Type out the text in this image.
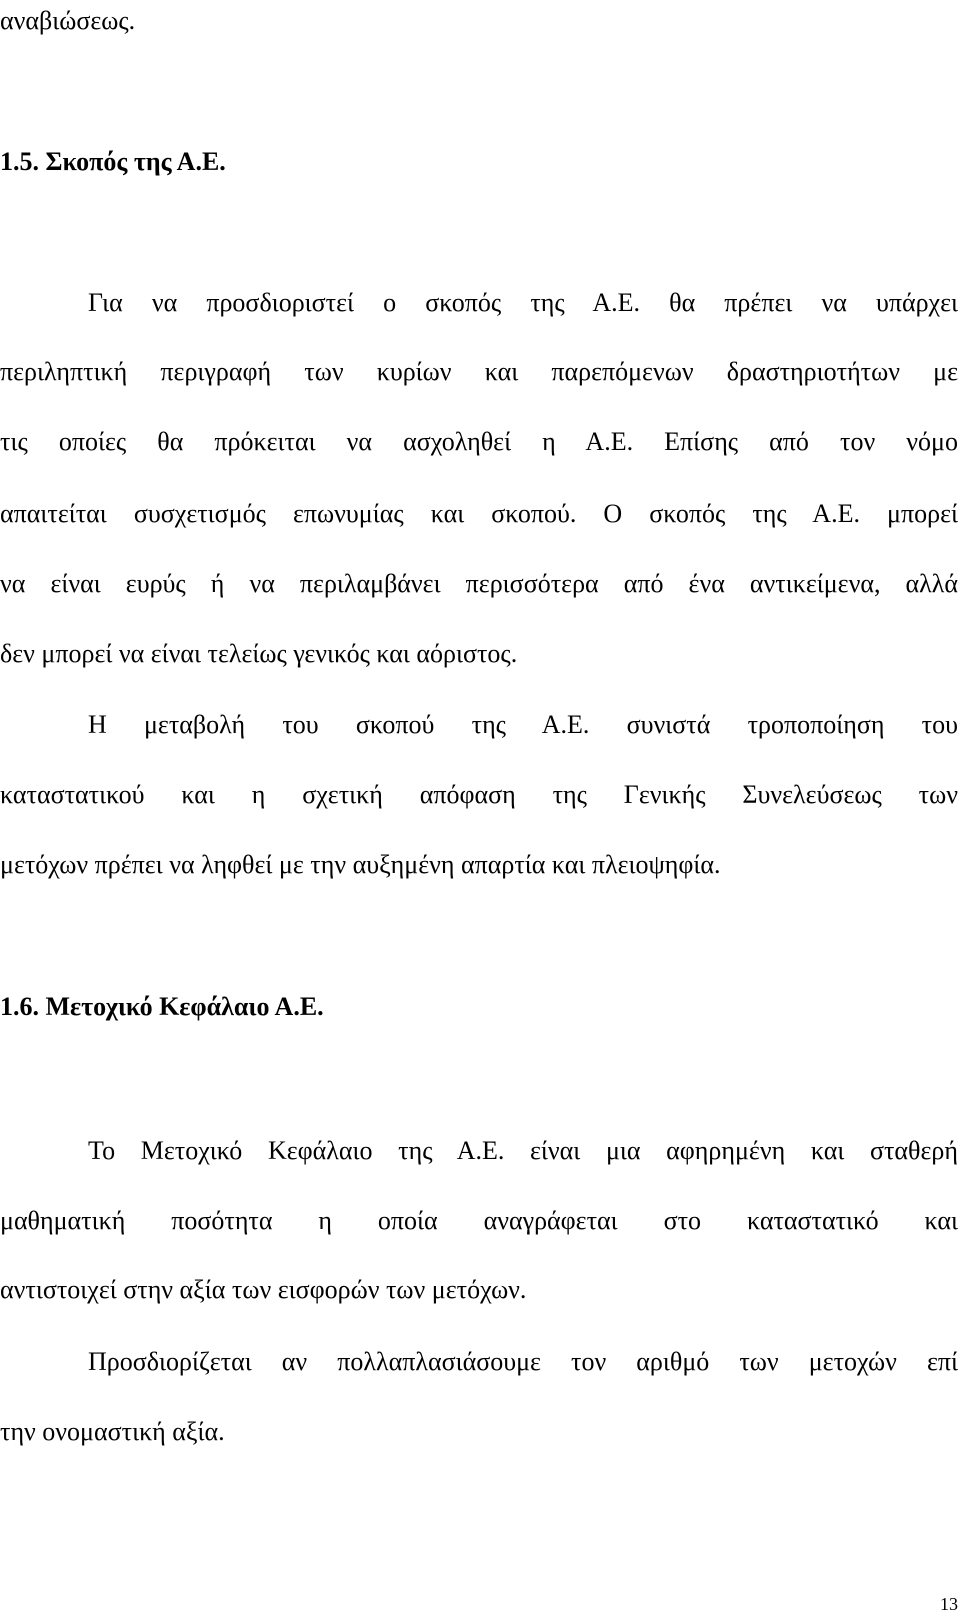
αναβιώσεως.

1.5. Σκοπός της Α.Ε.

Για να προσδιοριστεί ο σκοπός της Α.Ε. θα πρέπει να υπάρχει

περιληπτική περιγραφή των κυρίων και παρεπόμενων δραστηριοτήτων με

τις οποίες θα πρόκειται να ασχοληθεί η Α.Ε. Επίσης από τον νόμο

απαιτείται συσχετισμός επωνυμίας και σκοπού. Ο σκοπός της Α.Ε. μπορεί

να είναι ευρύς ή να περιλαμβάνει περισσότερα από ένα αντικείμενα, αλλά

δεν μπορεί να είναι τελείως γενικός και αόριστος.

Η μεταβολή του σκοπού της Α.Ε. συνιστά τροποποίηση του

καταστατικού και η σχετική απόφαση της Γενικής Συνελεύσεως των

μετόχων πρέπει να ληφθεί με την αυξημένη απαρτία και πλειοψηφία.

1.6. Μετοχικό Κεφάλαιο Α.Ε.

Το Μετοχικό Κεφάλαιο της Α.Ε. είναι μια αφηρημένη και σταθερή

μαθηματική ποσότητα η οποία αναγράφεται στο καταστατικό και

αντιστοιχεί στην αξία των εισφορών των μετόχων.

Προσδιορίζεται αν πολλαπλασιάσουμε τον αριθμό των μετοχών επί

την ονομαστική αξία.

13
